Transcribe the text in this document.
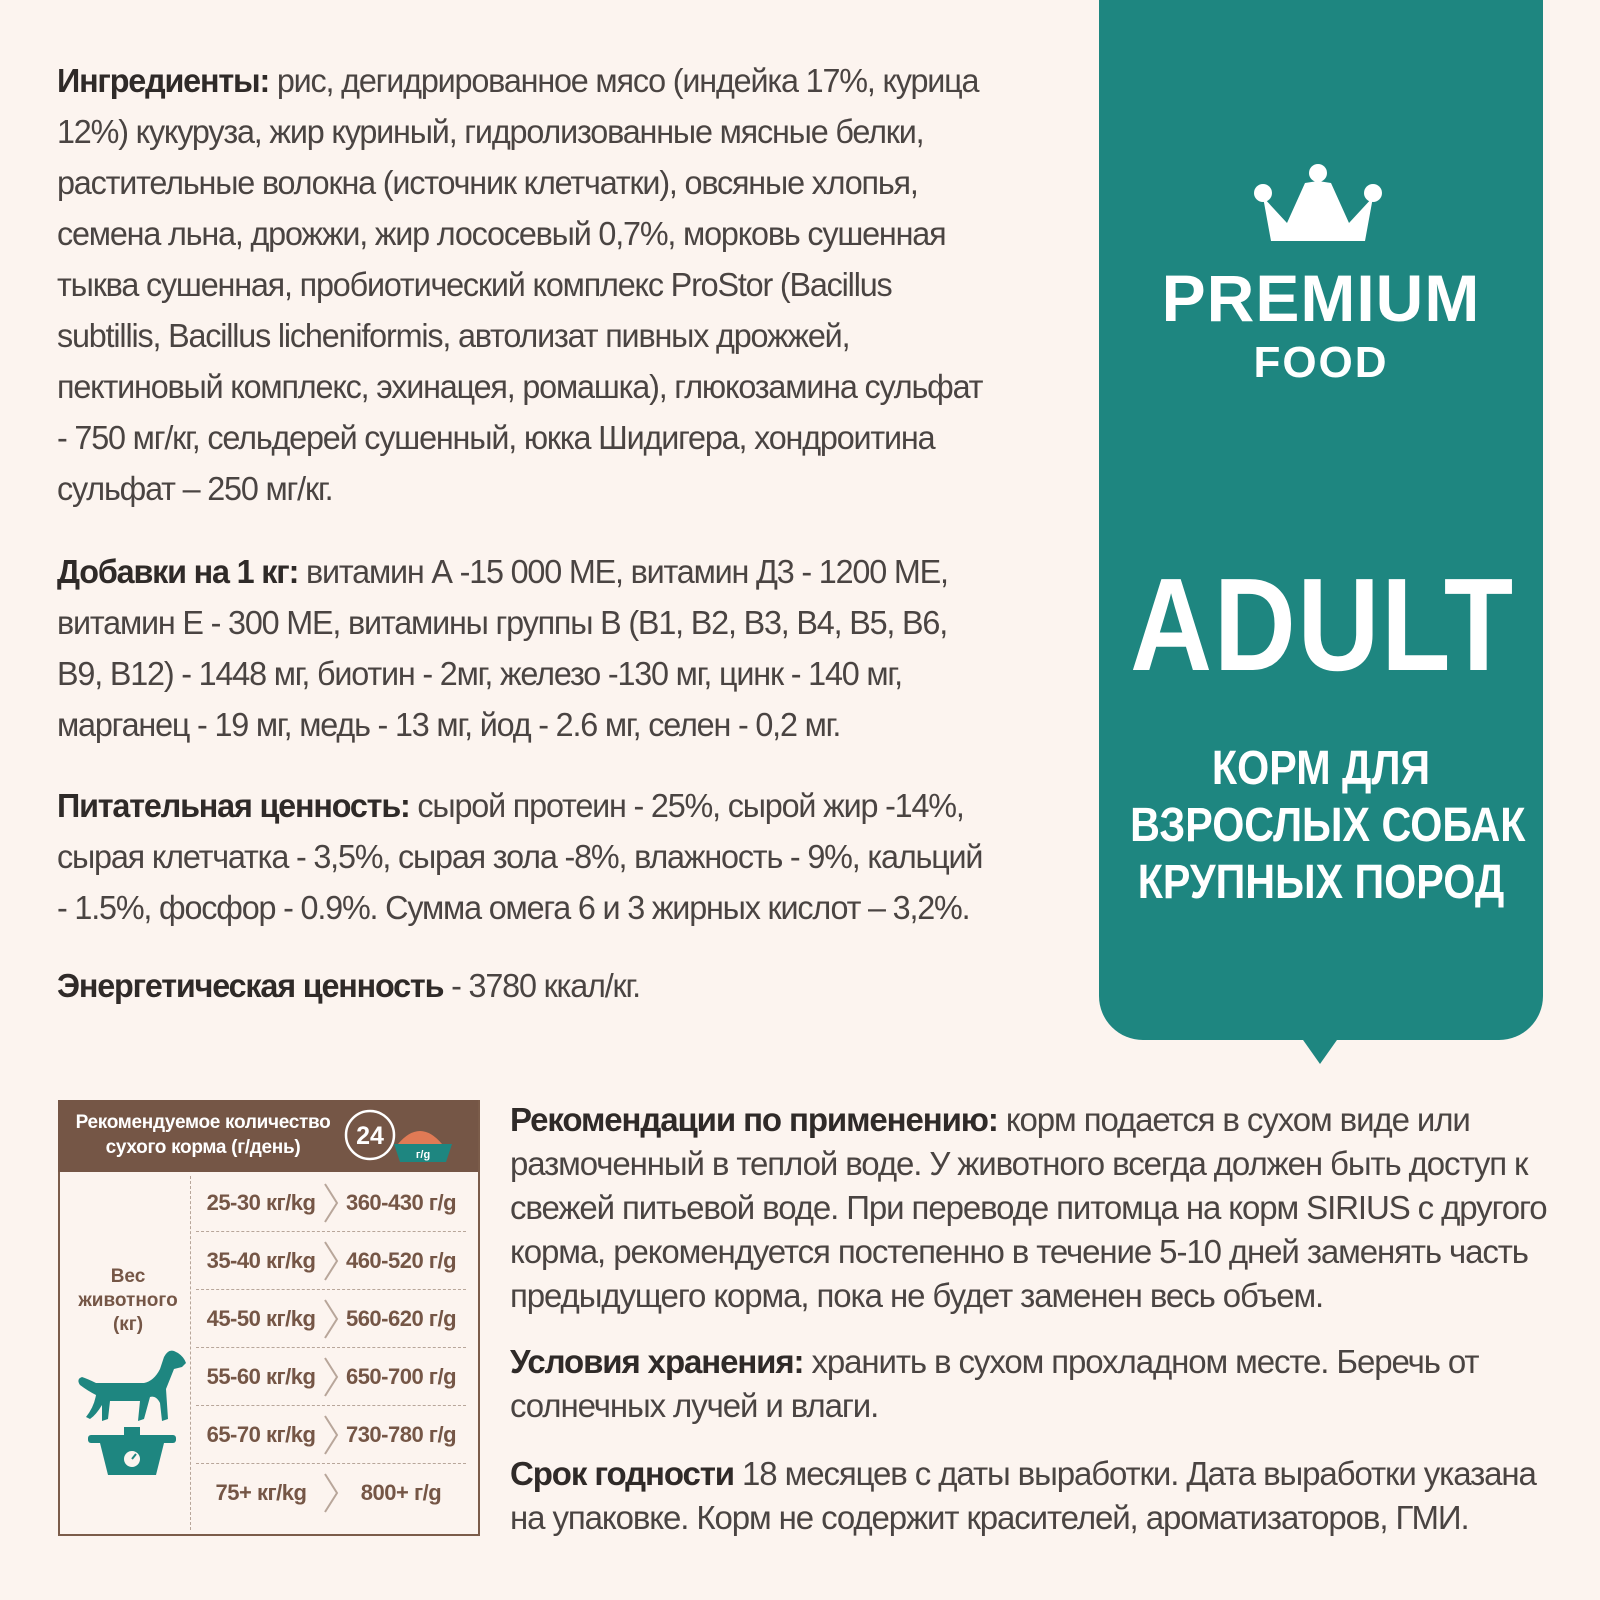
Ингредиенты: рис, дегидрированное мясо (индейка 17%, курица 12%) кукуруза, жир куриный, гидролизованные мясные белки, растительные волокна (источник клетчатки), овсяные хлопья, семена льна, дрожжи, жир лососевый 0,7%, морковь сушенная тыква сушенная, пробиотический комплекс ProStor (Bacillus subtillis, Bacillus licheniformis, автолизат пивных дрожжей, пектиновый комплекс, эхинацея, ромашка), глюкозамина сульфат - 750 мг/кг, сельдерей сушенный, юкка Шидигера, хондроитина сульфат – 250 мг/кг.
Добавки на 1 кг: витамин А -15 000 МЕ, витамин Д3 - 1200 МЕ, витамин Е - 300 МЕ, витамины группы В (В1, В2, В3, В4, В5, В6, В9, В12) - 1448 мг, биотин - 2мг, железо -130 мг, цинк - 140 мг, марганец - 19 мг, медь - 13 мг, йод - 2.6 мг, селен - 0,2 мг.
Питательная ценность: сырой протеин - 25%, сырой жир -14%, сырая клетчатка - 3,5%, сырая зола -8%, влажность - 9%, кальций - 1.5%, фосфор - 0.9%. Сумма омега 6 и 3 жирных кислот – 3,2%.
Энергетическая ценность - 3780 ккал/кг.
PREMIUM
FOOD
ADULT
КОРМ ДЛЯ
ВЗРОСЛЫХ СОБАК
КРУПНЫХ ПОРОД
Рекомендуемое количество
сухого корма (г/день)	24
г/g
Вес
животного
(кг)
25-30 кг/kg	360-430 г/g
35-40 кг/kg	460-520 г/g
45-50 кг/kg	560-620 г/g
55-60 кг/kg	650-700 г/g
65-70 кг/kg	730-780 г/g
75+ кг/kg	800+ г/g
Рекомендации по применению: корм подается в сухом виде или размоченный в теплой воде. У животного всегда должен быть доступ к свежей питьевой воде. При переводе питомца на корм SIRIUS с другого корма, рекомендуется постепенно в течение 5-10 дней заменять часть предыдущего корма, пока не будет заменен весь объем.
Условия хранения: хранить в сухом прохладном месте. Беречь от солнечных лучей и влаги.
Срок годности 18 месяцев с даты выработки. Дата выработки указана на упаковке. Корм не содержит красителей, ароматизаторов, ГМИ.
